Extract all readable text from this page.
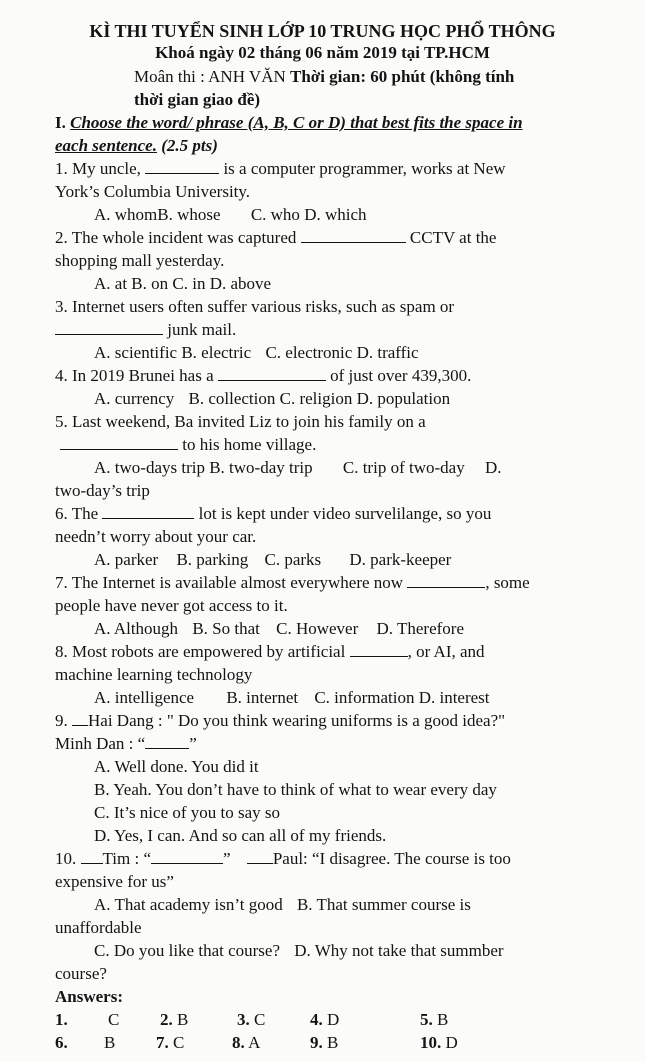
KÌ THI TUYỂN SINH LỚP 10 TRUNG HỌC PHỔ THÔNG
Khoá ngày 02 tháng 06 năm 2019 tại TP.HCM
Moân thi : ANH VĂN Thời gian: 60 phút (không tính
thời gian giao đề)
I. Choose the word/ phrase (A, B, C or D) that best fits the space in
each sentence. (2.5 pts)
1. My uncle,	is a computer programmer, works at New
York’s Columbia University.
A. whomB. whose C. who D. which
2. The whole incident was captured	CCTV at the
shopping mall yesterday.
A. at B. on C. in D. above
3. Internet users often suffer various risks, such as spam or
junk mail.
A. scientific B. electric C. electronic D. traffic
4. In 2019 Brunei has a	of just over 439,300.
A. currency B. collection C. religion D. population
5. Last weekend, Ba invited Liz to join his family on a
to his home village.
A. two-days trip B. two-day trip C. trip of two-day D.
two-day’s trip
6. The	lot is kept under video survelilange, so you
needn’t worry about your car.
A. parker B. parking C. parks D. park-keeper
7. The Internet is available almost everywhere now	, some
people have never got access to it.
A. Although B. So that C. However D. Therefore
8. Most robots are empowered by artificial	, or AI, and
machine learning technology
A. intelligence B. internet C. information D. interest
9. Hai Dang : " Do you think wearing uniforms is a good idea?"
Minh Dan : “	”
A. Well done. You did it
B. Yeah. You don’t have to think of what to wear every day
C. It’s nice of you to say so
D. Yes, I can. And so can all of my friends.
10. Tim : “	” Paul: “I disagree. The course is too
expensive for us”
A. That academy isn’t good B. That summer course is
unaffordable
C. Do you like that course? D. Why not take that summber
course?
Answers:
1. C 2. B	3. C	4. D	5. B
6. B 7. C	8. A	9. B	10. D
